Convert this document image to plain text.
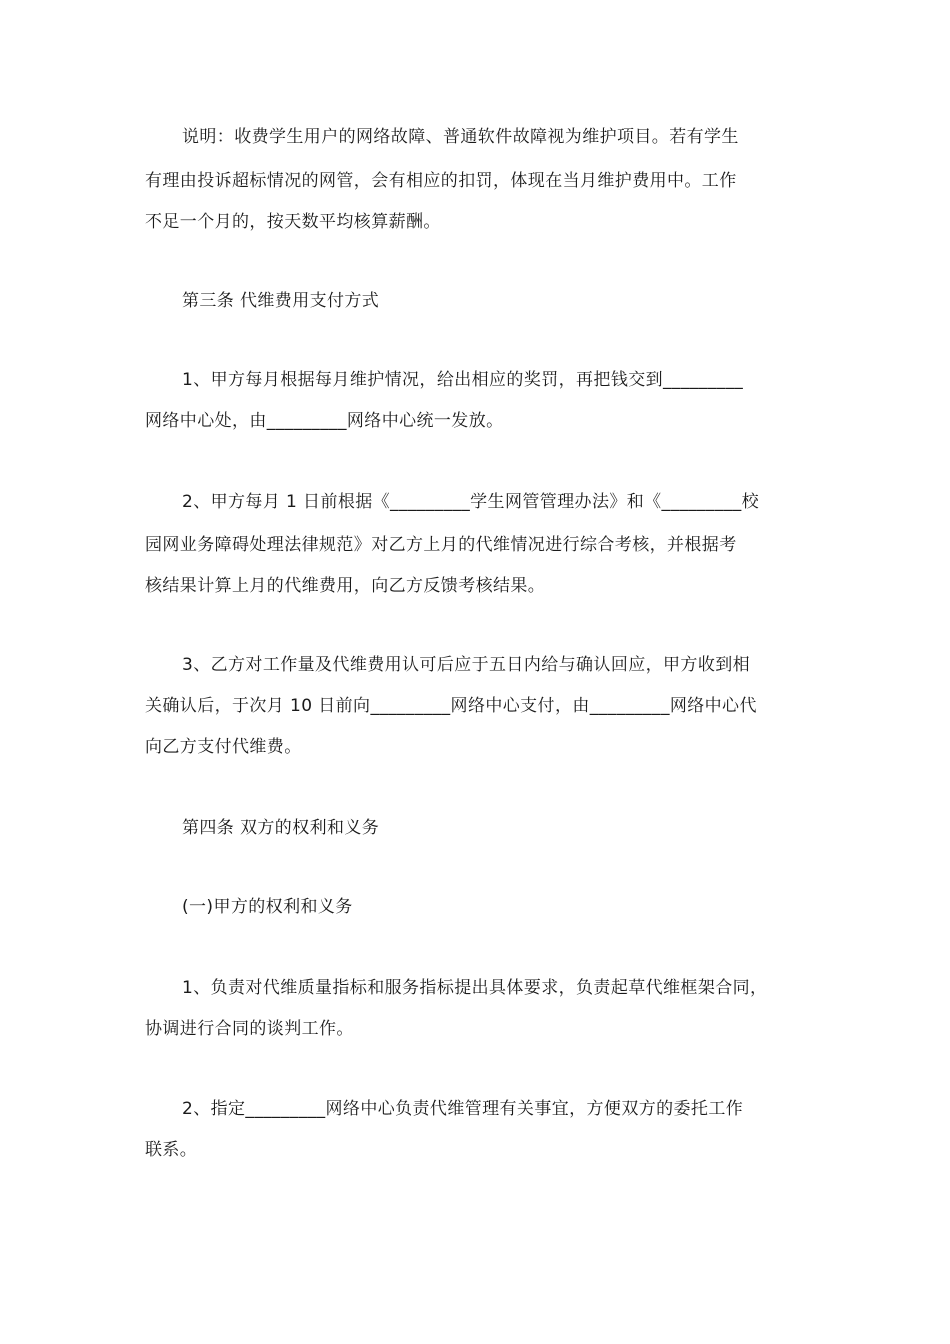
说明：收费学生用户的网络故障、普通软件故障视为维护项目。若有学生
有理由投诉超标情况的网管，会有相应的扣罚，体现在当月维护费用中。工作
不足一个月的，按天数平均核算薪酬。
第三条 代维费用支付方式
1、甲方每月根据每月维护情况，给出相应的奖罚，再把钱交到_________
网络中心处，由_________网络中心统一发放。
2、甲方每月 1 日前根据《_________学生网管管理办法》和《_________校
园网业务障碍处理法律规范》对乙方上月的代维情况进行综合考核，并根据考
核结果计算上月的代维费用，向乙方反馈考核结果。
3、乙方对工作量及代维费用认可后应于五日内给与确认回应，甲方收到相
关确认后，于次月 10 日前向_________网络中心支付，由_________网络中心代
向乙方支付代维费。
第四条 双方的权利和义务
(一)甲方的权利和义务
1、负责对代维质量指标和服务指标提出具体要求，负责起草代维框架合同，
协调进行合同的谈判工作。
2、指定_________网络中心负责代维管理有关事宜，方便双方的委托工作
联系。
